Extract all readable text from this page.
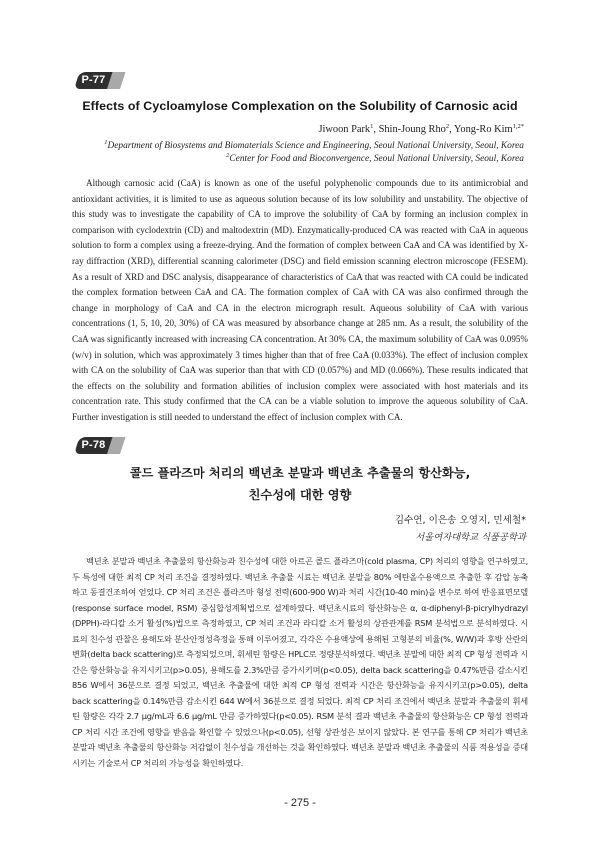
P-77
Effects of Cycloamylose Complexation on the Solubility of Carnosic acid
Jiwoon Park$^1$, Shin-Joung Rho$^2$, Yong-Ro Kim$^{1,2*}$
$^1$Department of Biosystems and Biomaterials Science and Engineering, Seoul National University, Seoul, Korea
$^2$Center for Food and Bioconvergence, Seoul National University, Seoul, Korea

Although carnosic acid (CaA) is known as one of the useful polyphenolic compounds due to its antimicrobial and antioxidant activities, it is limited to use as aqueous solution because of its low solubility and unstability. The objective of this study was to investigate the capability of CA to improve the solubility of CaA by forming an inclusion complex in comparison with cyclodextrin (CD) and maltodextrin (MD). Enzymatically-produced CA was reacted with CaA in aqueous solution to form a complex using a freeze-drying. And the formation of complex between CaA and CA was identified by X-ray diffraction (XRD), differential scanning calorimeter (DSC) and field emission scanning electron microscope (FESEM). As a result of XRD and DSC analysis, disappearance of characteristics of CaA that was reacted with CA could be indicated the complex formation between CaA and CA. The formation complex of CaA with CA was also confirmed through the change in morphology of CaA and CA in the electron micrograph result. Aqueous solubility of CaA with various concentrations (1, 5, 10, 20, 30%) of CA was measured by absorbance change at 285 nm. As a result, the solubility of the CaA was significantly increased with increasing CA concentration. At 30% CA, the maximum solubility of CaA was 0.095% (w/v) in solution, which was approximately 3 times higher than that of free CaA (0.033%). The effect of inclusion complex with CA on the solubility of CaA was superior than that with CD (0.057%) and MD (0.066%). These results indicated that the effects on the solubility and formation abilities of inclusion complex were associated with host materials and its concentration rate. This study confirmed that the CA can be a viable solution to improve the aqueous solubility of CaA. Further investigation is still needed to understand the effect of inclusion complex with CA.

P-78
콜드 플라즈마 처리의 백년초 분말과 백년초 추출물의 항산화능,
친수성에 대한 영향
김수연, 이은송 오영지, 민세철*
서울여자대학교 식품공학과

백년초 분말과 백년초 추출물의 항산화능과 친수성에 대한 아르곤 콜드 플라즈마(cold plasma, CP) 처리의 영향을 연구하였고, 두 특성에 대한 최적 CP 처리 조건을 결정하였다. 백년초 추출물 시료는 백년초 분말을 80% 에탄올수용액으로 추출한 후 감압 농축하고 동결건조하여 얻었다. CP 처리 조건은 플라즈마 형성 전력(600-900 W)과 처리 시간(10-40 min)을 변수로 하여 반응표면모델(response surface model, RSM) 중심합성계획법으로 설계하였다. 백년초시료의 항산화능은 α, α-diphenyl-β-picrylhydrazyl (DPPH)-라디칼 소거 활성(%)법으로 측정하였고, CP 처리 조건과 라디칼 소거 활성의 상관관계를 RSM 분석법으로 분석하였다. 시료의 친수성 관찰은 용해도와 분산안정성측정을 통해 이루어졌고, 각각은 수용액상에 용해된 고형분의 비율(%, W/W)과 후방 산란의 변화(delta back scattering)로 측정되었으며, 휘세틴 함량은 HPLC로 정량분석하였다. 백년초 분말에 대한 최적 CP 형성 전력과 시간은 항산화능을 유지시키고(p>0.05), 용해도를 2.3%만큼 증가시키며(p<0.05), delta back scattering을 0.47%만큼 감소시킨 856 W에서 36분으로 결정 되었고, 백년초 추출물에 대한 최적 CP 형성 전력과 시간은 항산화능을 유지시키고(p>0.05), delta back scattering을 0.14%만큼 감소시킨 644 W에서 36분으로 결정 되었다. 최적 CP 처리 조건에서 백년초 분말과 추출물의 휘세틴 함량은 각각 2.7 μg/mL과 6.6 μg/mL 만큼 증가하였다(p<0.05). RSM 분석 결과 백년초 추출물의 항산화능은 CP 형성 전력과 CP 처리 시간 조건에 영향을 받음을 확인할 수 있었으나(p<0.05), 선형 상관성은 보이지 않았다. 본 연구를 통해 CP 처리가 백년초 분말과 백년초 추출물의 항산화능 저감없이 친수성을 개선하는 것을 확인하였다. 백년초 분말과 백년초 추출물의 식품 적용성을 증대시키는 기술로서 CP 처리의 가능성을 확인하였다.

- 275 -
